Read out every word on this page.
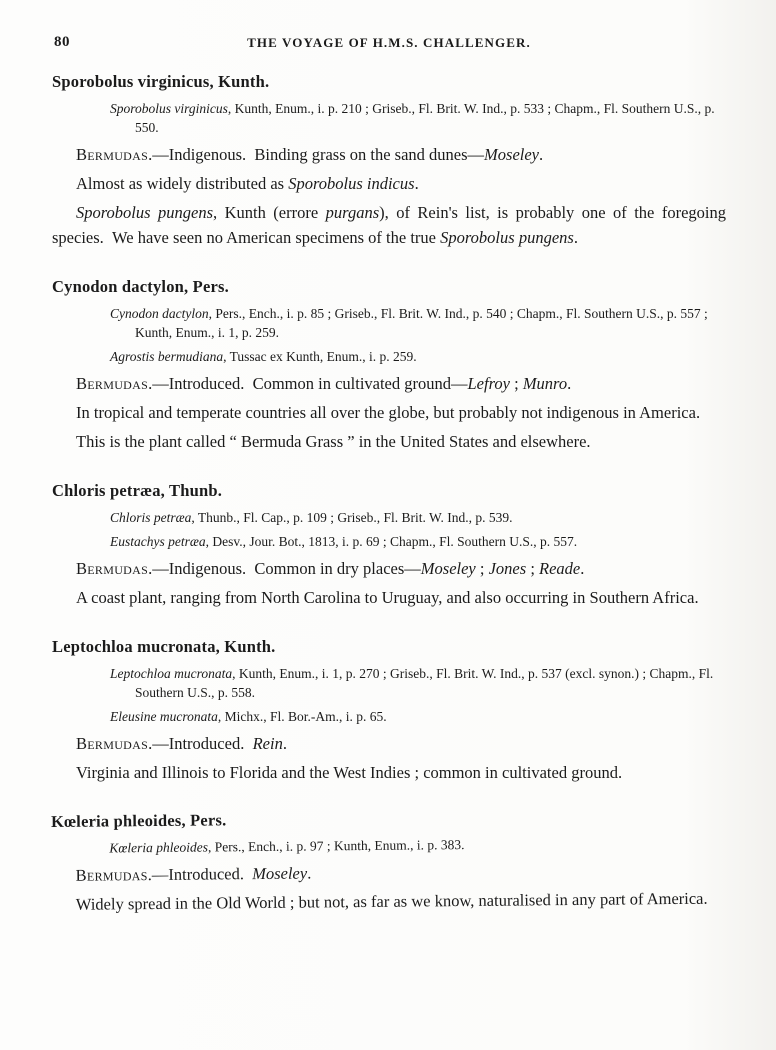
80	THE VOYAGE OF H.M.S. CHALLENGER.
Sporobolus virginicus, Kunth.

Sporobolus virginicus, Kunth, Enum., i. p. 210 ; Griseb., Fl. Brit. W. Ind., p. 533 ; Chapm., Fl. Southern U.S., p. 550.

Bermudas.—Indigenous. Binding grass on the sand dunes—Moseley.

Almost as widely distributed as Sporobolus indicus.

Sporobolus pungens, Kunth (errore purgans), of Rein's list, is probably one of the foregoing species. We have seen no American specimens of the true Sporobolus pungens.

Cynodon dactylon, Pers.

Cynodon dactylon, Pers., Ench., i. p. 85 ; Griseb., Fl. Brit. W. Ind., p. 540 ; Chapm., Fl. Southern U.S., p. 557 ; Kunth, Enum., i. 1, p. 259.

Agrostis bermudiana, Tussac ex Kunth, Enum., i. p. 259.

Bermudas.—Introduced. Common in cultivated ground—Lefroy ; Munro.

In tropical and temperate countries all over the globe, but probably not indigenous in America.

This is the plant called “ Bermuda Grass ” in the United States and elsewhere.

Chloris petræa, Thunb.

Chloris petræa, Thunb., Fl. Cap., p. 109 ; Griseb., Fl. Brit. W. Ind., p. 539.

Eustachys petræa, Desv., Jour. Bot., 1813, i. p. 69 ; Chapm., Fl. Southern U.S., p. 557.

Bermudas.—Indigenous. Common in dry places—Moseley ; Jones ; Reade.

A coast plant, ranging from North Carolina to Uruguay, and also occurring in Southern Africa.

Leptochloa mucronata, Kunth.

Leptochloa mucronata, Kunth, Enum., i. 1, p. 270 ; Griseb., Fl. Brit. W. Ind., p. 537 (excl. synon.) ; Chapm., Fl. Southern U.S., p. 558.

Eleusine mucronata, Michx., Fl. Bor.-Am., i. p. 65.

Bermudas.—Introduced. Rein.

Virginia and Illinois to Florida and the West Indies ; common in cultivated ground.

Kœleria phleoides, Pers.

Kœleria phleoides, Pers., Ench., i. p. 97 ; Kunth, Enum., i. p. 383.

Bermudas.—Introduced. Moseley.

Widely spread in the Old World ; but not, as far as we know, naturalised in any part of America.
